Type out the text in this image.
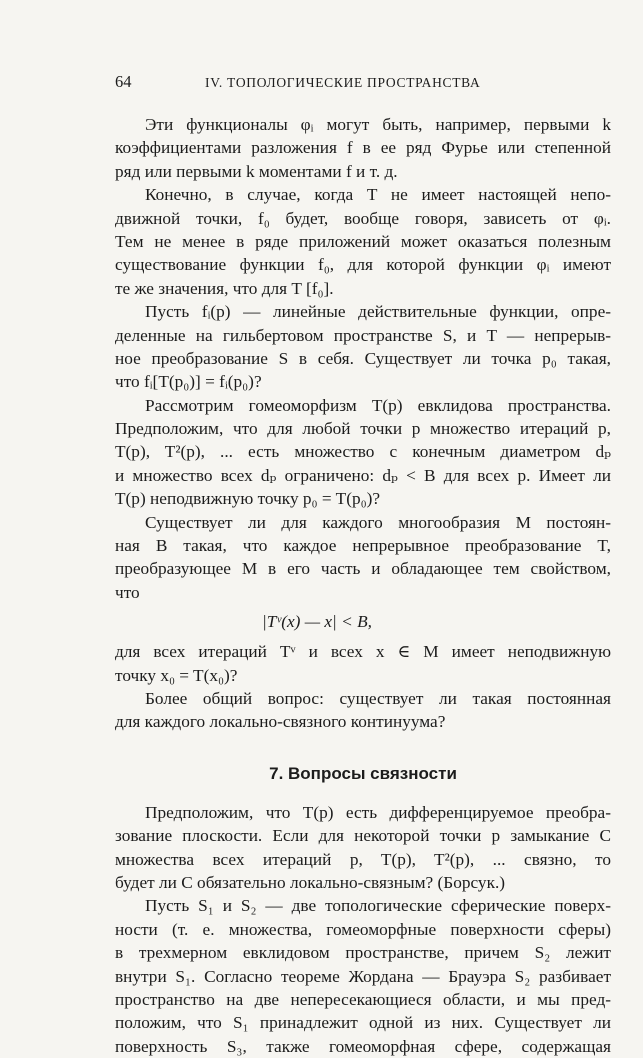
64	IV. ТОПОЛОГИЧЕСКИЕ ПРОСТРАНСТВА
Эти функционалы φᵢ могут быть, например, первыми k
коэффициентами разложения f в ее ряд Фурье или степенной
ряд или первыми k моментами f и т. д.
Конечно, в случае, когда T не имеет настоящей непо-
движной точки, f₀ будет, вообще говоря, зависеть от φᵢ.
Тем не менее в ряде приложений может оказаться полезным
существование функции f₀, для которой функции φᵢ имеют
те же значения, что для T [f₀].
Пусть fᵢ(p) — линейные действительные функции, опре-
деленные на гильбертовом пространстве S, и T — непрерыв-
ное преобразование S в себя. Существует ли точка p₀ такая,
что fᵢ[T(p₀)] = fᵢ(p₀)?
Рассмотрим гомеоморфизм T(p) евклидова пространства.
Предположим, что для любой точки p множество итераций p,
T(p), T²(p), ... есть множество с конечным диаметром dₚ
и множество всех dₚ ограничено: dₚ < B для всех p. Имеет ли
T(p) неподвижную точку p₀ = T(p₀)?
Существует ли для каждого многообразия M постоян-
ная B такая, что каждое непрерывное преобразование T,
преобразующее M в его часть и обладающее тем свойством,
что
|Tᵛ(x) — x| < B,
для всех итераций Tᵛ и всех x ∈ M имеет неподвижную
точку x₀ = T(x₀)?
Более общий вопрос: существует ли такая постоянная
для каждого локально-связного континуума?
7. Вопросы связности
Предположим, что T(p) есть дифференцируемое преобра-
зование плоскости. Если для некоторой точки p замыкание C
множества всех итераций p, T(p), T²(p), ... связно, то
будет ли C обязательно локально-связным? (Борсук.)
Пусть S₁ и S₂ — две топологические сферические поверх-
ности (т. е. множества, гомеоморфные поверхности сферы)
в трехмерном евклидовом пространстве, причем S₂ лежит
внутри S₁. Согласно теореме Жордана — Брауэра S₂ разбивает
пространство на две непересекающиеся области, и мы пред-
положим, что S₁ принадлежит одной из них. Существует ли
поверхность S₃, также гомеоморфная сфере, содержащая
